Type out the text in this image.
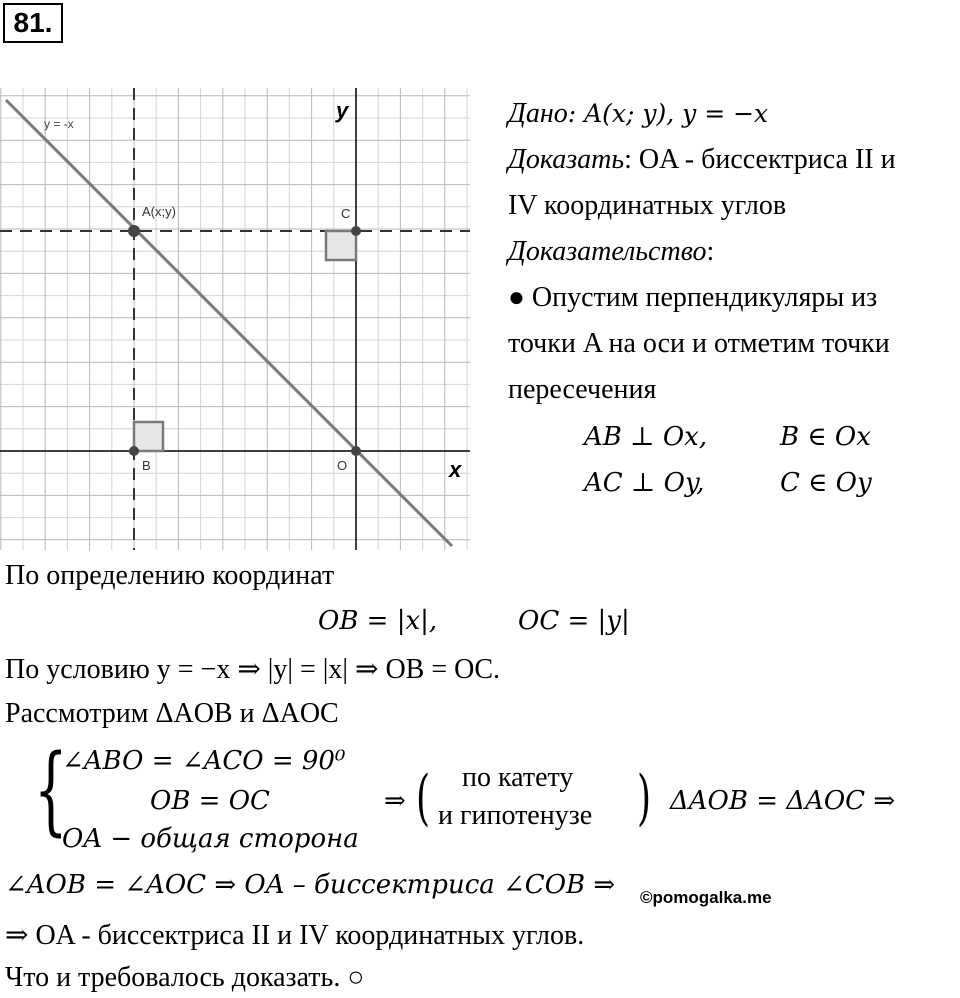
81.
y = -x
y
x
A(x;y)	C
B	O
Дано: A(x; y), y = −x
Доказать: OA - биссектриса II и
IV координатных углов
Доказательство:
● Опустим перпендикуляры из
точки A на оси и отметим точки
пересечения
AB ⊥ Ox,	B ∈ Ox
AC ⊥ Oy,	C ∈ Oy
По определению координат
OB = |x|,	OC = |y|
По условию y = −x ⇒ |y| = |x| ⇒ OB = OC.
Рассмотрим ΔAOB и ΔAOC
{
∠ABO = ∠ACO = 90⁰
OB = OC
OA − общая сторона
⇒ ( по катету
и гипотенузе ) ΔAOB = ΔAOC ⇒
∠AOB = ∠AOC ⇒ OA – биссектриса ∠COB ⇒ ©pomogalka.me
⇒ OA - биссектриса II и IV координатных углов.
Что и требовалось доказать. ○
